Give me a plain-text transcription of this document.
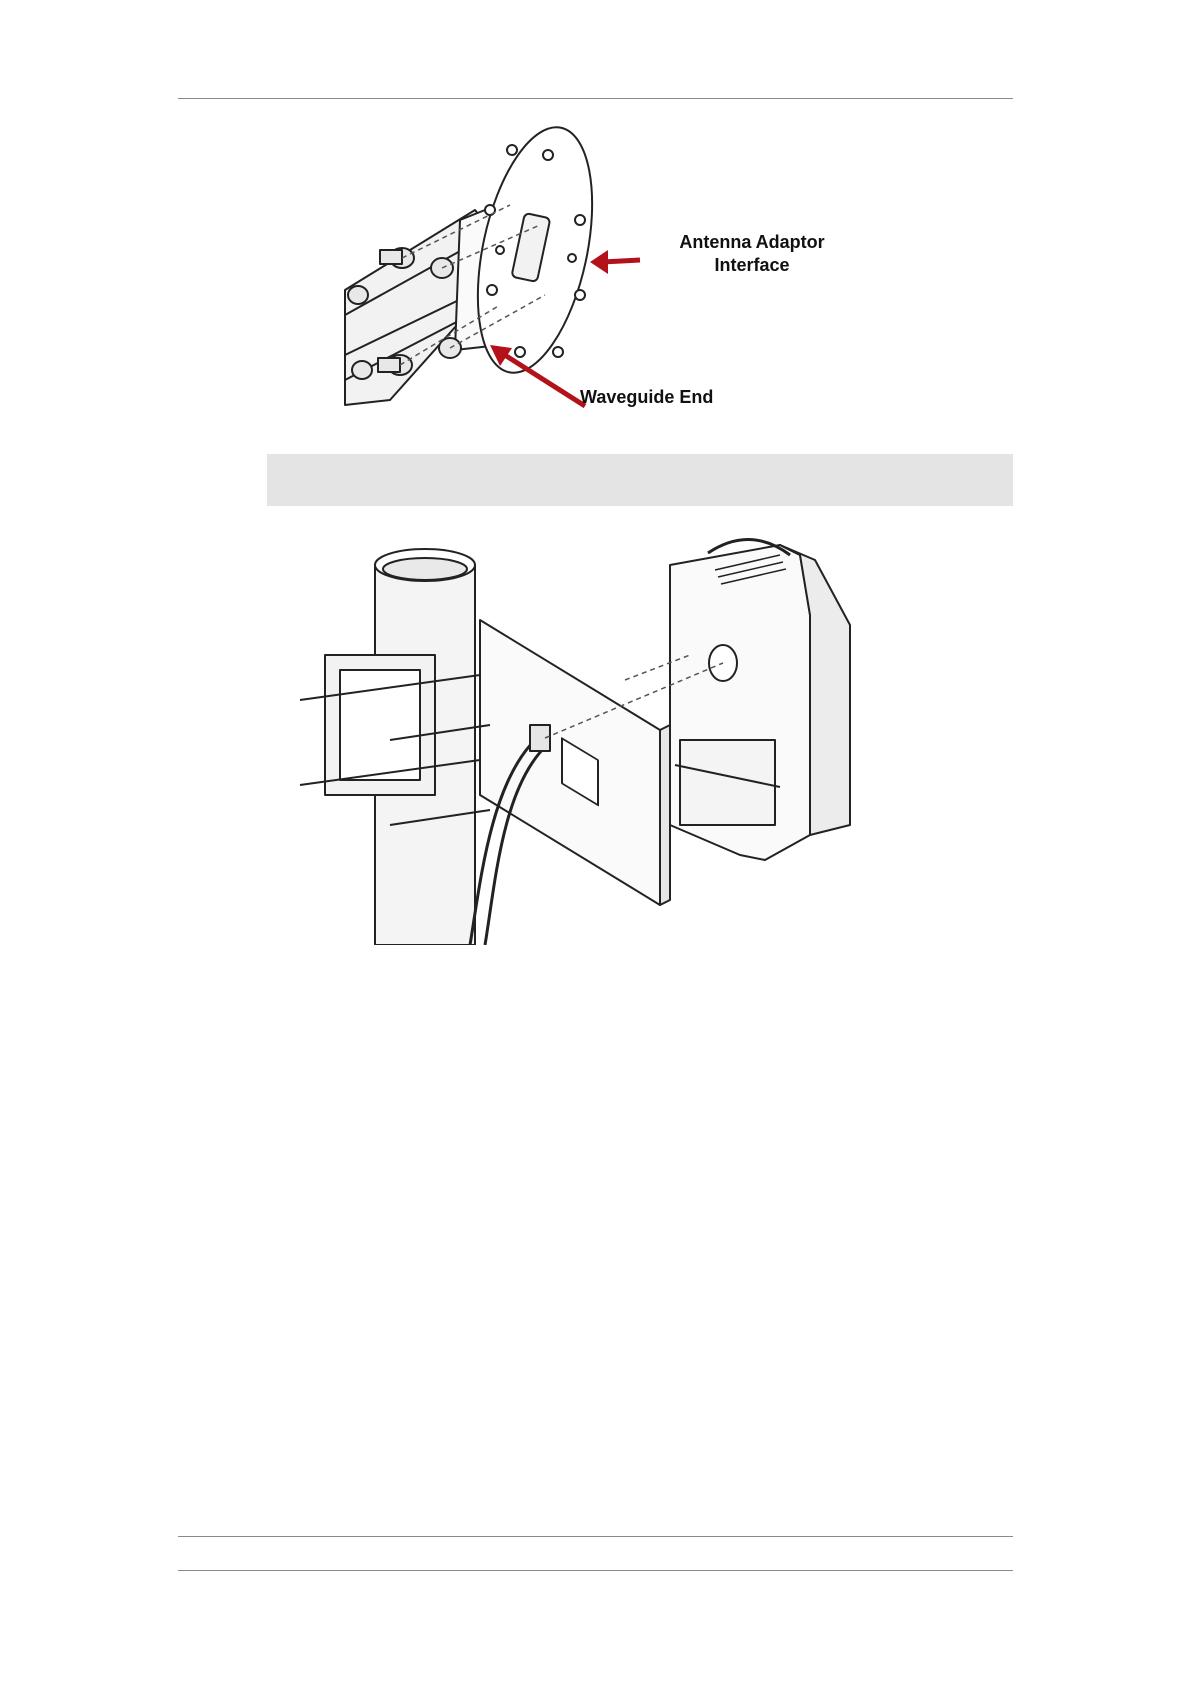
Antenna Adaptor
Interface
Waveguide End
